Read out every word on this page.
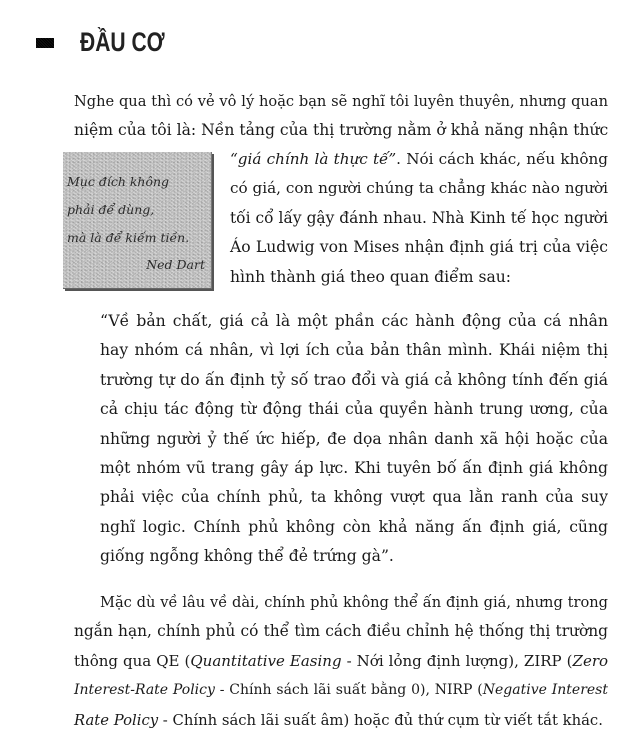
ĐẦU CƠ
Nghe qua thì có vẻ vô lý hoặc bạn sẽ nghĩ tôi luyên thuyên, nhưng quan
niệm của tôi là: Nền tảng của thị trường nằm ở khả năng nhận thức
Mục đích không
phải để dùng,
mà là để kiếm tiền.
Ned Dart
“giá chính là thực tế”. Nói cách khác, nếu không
có giá, con người chúng ta chẳng khác nào người
tối cổ lấy gậy đánh nhau. Nhà Kinh tế học người
Áo Ludwig von Mises nhận định giá trị của việc
hình thành giá theo quan điểm sau:
“Về bản chất, giá cả là một phần các hành động của cá nhân
hay nhóm cá nhân, vì lợi ích của bản thân mình. Khái niệm thị
trường tự do ấn định tỷ số trao đổi và giá cả không tính đến giá
cả chịu tác động từ động thái của quyền hành trung ương, của
những người ỷ thế ức hiếp, đe dọa nhân danh xã hội hoặc của
một nhóm vũ trang gây áp lực. Khi tuyên bố ấn định giá không
phải việc của chính phủ, ta không vượt qua lằn ranh của suy
nghĩ logic. Chính phủ không còn khả năng ấn định giá, cũng
giống ngỗng không thể đẻ trứng gà”.
Mặc dù về lâu về dài, chính phủ không thể ấn định giá, nhưng trong
ngắn hạn, chính phủ có thể tìm cách điều chỉnh hệ thống thị trường
thông qua QE (Quantitative Easing - Nới lỏng định lượng), ZIRP (Zero
Interest-Rate Policy - Chính sách lãi suất bằng 0), NIRP (Negative Interest
Rate Policy - Chính sách lãi suất âm) hoặc đủ thứ cụm từ viết tắt khác.
